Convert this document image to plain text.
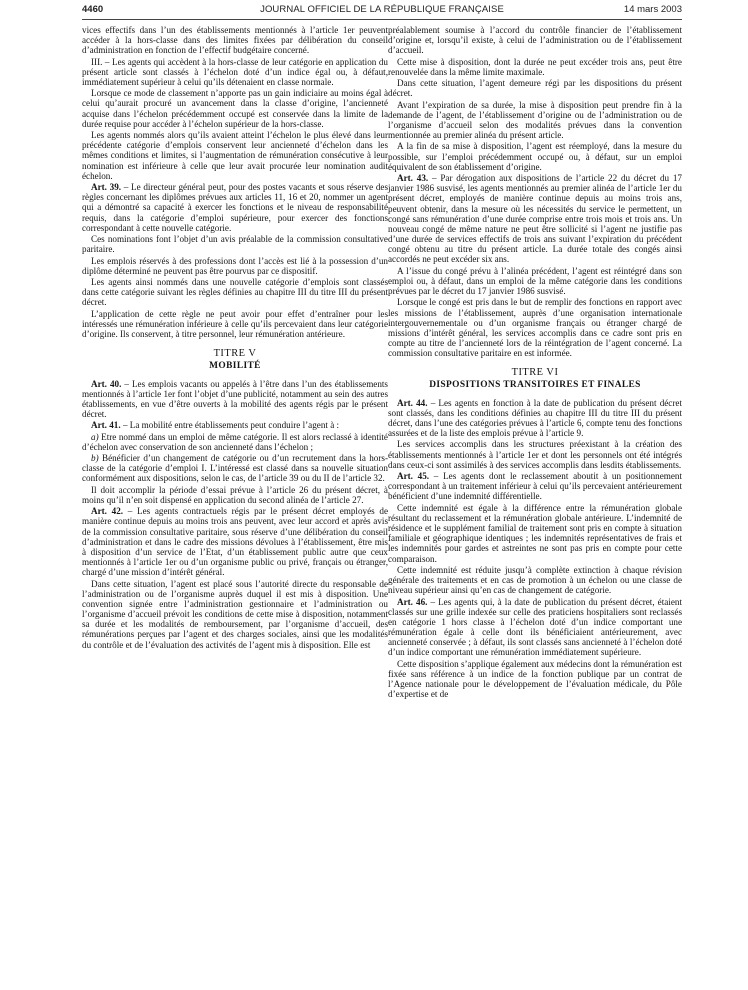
4460	JOURNAL OFFICIEL DE LA RÉPUBLIQUE FRANÇAISE	14 mars 2003

vices effectifs dans l’un des établissements mentionnés à l’article 1er peuvent accéder à la hors-classe dans des limites fixées par délibération du conseil d’administration en fonction de l’effectif budgétaire concerné.

III. – Les agents qui accèdent à la hors-classe de leur catégorie en application du présent article sont classés à l’échelon doté d’un indice égal ou, à défaut, immédiatement supérieur à celui qu’ils détenaient en classe normale.

Lorsque ce mode de classement n’apporte pas un gain indiciaire au moins égal à celui qu’aurait procuré un avancement dans la classe d’origine, l’ancienneté acquise dans l’échelon précédemment occupé est conservée dans la limite de la durée requise pour accéder à l’échelon supérieur de la hors-classe.

Les agents nommés alors qu’ils avaient atteint l’échelon le plus élevé dans leur précédente catégorie d’emplois conservent leur ancienneté d’échelon dans les mêmes conditions et limites, si l’augmentation de rémunération consécutive à leur nomination est inférieure à celle que leur avait procurée leur nomination audit échelon.

Art. 39. – Le directeur général peut, pour des postes vacants et sous réserve des règles concernant les diplômes prévues aux articles 11, 16 et 20, nommer un agent qui a démontré sa capacité à exercer les fonctions et le niveau de responsabilité requis, dans la catégorie d’emploi supérieure, pour exercer des fonctions correspondant à cette nouvelle catégorie.

Ces nominations font l’objet d’un avis préalable de la commission consultative paritaire.

Les emplois réservés à des professions dont l’accès est lié à la possession d’un diplôme déterminé ne peuvent pas être pourvus par ce dispositif.

Les agents ainsi nommés dans une nouvelle catégorie d’emplois sont classés dans cette catégorie suivant les règles définies au chapitre III du titre III du présent décret.

L’application de cette règle ne peut avoir pour effet d’entraîner pour les intéressés une rémunération inférieure à celle qu’ils percevaient dans leur catégorie d’origine. Ils conservent, à titre personnel, leur rémunération antérieure.

TITRE V

MOBILITÉ

Art. 40. – Les emplois vacants ou appelés à l’être dans l’un des établissements mentionnés à l’article 1er font l’objet d’une publicité, notamment au sein des autres établissements, en vue d’être ouverts à la mobilité des agents régis par le présent décret.

Art. 41. – La mobilité entre établissements peut conduire l’agent à :

a) Etre nommé dans un emploi de même catégorie. Il est alors reclassé à identité d’échelon avec conservation de son ancienneté dans l’échelon ;

b) Bénéficier d’un changement de catégorie ou d’un recrutement dans la hors-classe de la catégorie d’emploi I. L’intéressé est classé dans sa nouvelle situation conformément aux dispositions, selon le cas, de l’article 39 ou du II de l’article 32.

Il doit accomplir la période d’essai prévue à l’article 26 du présent décret, à moins qu’il n’en soit dispensé en application du second alinéa de l’article 27.

Art. 42. – Les agents contractuels régis par le présent décret employés de manière continue depuis au moins trois ans peuvent, avec leur accord et après avis de la commission consultative paritaire, sous réserve d’une délibération du conseil d’administration et dans le cadre des missions dévolues à l’établissement, être mis à disposition d’un service de l’Etat, d’un établissement public autre que ceux mentionnés à l’article 1er ou d’un organisme public ou privé, français ou étranger, chargé d’une mission d’intérêt général.

Dans cette situation, l’agent est placé sous l’autorité directe du responsable de l’administration ou de l’organisme auprès duquel il est mis à disposition. Une convention signée entre l’administration gestionnaire et l’administration ou l’organisme d’accueil prévoit les conditions de cette mise à disposition, notamment sa durée et les modalités de remboursement, par l’organisme d’accueil, des rémunérations perçues par l’agent et des charges sociales, ainsi que les modalités du contrôle et de l’évaluation des activités de l’agent mis à disposition. Elle est

préalablement soumise à l’accord du contrôle financier de l’établissement d’origine et, lorsqu’il existe, à celui de l’administration ou de l’établissement d’accueil.

Cette mise à disposition, dont la durée ne peut excéder trois ans, peut être renouvelée dans la même limite maximale.

Dans cette situation, l’agent demeure régi par les dispositions du présent décret.

Avant l’expiration de sa durée, la mise à disposition peut prendre fin à la demande de l’agent, de l’établissement d’origine ou de l’administration ou de l’organisme d’accueil selon des modalités prévues dans la convention mentionnée au premier alinéa du présent article.

A la fin de sa mise à disposition, l’agent est réemployé, dans la mesure du possible, sur l’emploi précédemment occupé ou, à défaut, sur un emploi équivalent de son établissement d’origine.

Art. 43. – Par dérogation aux dispositions de l’article 22 du décret du 17 janvier 1986 susvisé, les agents mentionnés au premier alinéa de l’article 1er du présent décret, employés de manière continue depuis au moins trois ans, peuvent obtenir, dans la mesure où les nécessités du service le permettent, un congé sans rémunération d’une durée comprise entre trois mois et trois ans. Un nouveau congé de même nature ne peut être sollicité si l’agent ne justifie pas d’une durée de services effectifs de trois ans suivant l’expiration du précédent congé obtenu au titre du présent article. La durée totale des congés ainsi accordés ne peut excéder six ans.

A l’issue du congé prévu à l’alinéa précédent, l’agent est réintégré dans son emploi ou, à défaut, dans un emploi de la même catégorie dans les conditions prévues par le décret du 17 janvier 1986 susvisé.

Lorsque le congé est pris dans le but de remplir des fonctions en rapport avec les missions de l’établissement, auprès d’une organisation internationale intergouvernementale ou d’un organisme français ou étranger chargé de missions d’intérêt général, les services accomplis dans ce cadre sont pris en compte au titre de l’ancienneté lors de la réintégration de l’agent concerné. La commission consultative paritaire en est informée.

TITRE VI

DISPOSITIONS TRANSITOIRES ET FINALES

Art. 44. – Les agents en fonction à la date de publication du présent décret sont classés, dans les conditions définies au chapitre III du titre III du présent décret, dans l’une des catégories prévues à l’article 6, compte tenu des fonctions assurées et de la liste des emplois prévue à l’article 9.

Les services accomplis dans les structures préexistant à la création des établissements mentionnés à l’article 1er et dont les personnels ont été intégrés dans ceux-ci sont assimilés à des services accomplis dans lesdits établissements.

Art. 45. – Les agents dont le reclassement aboutit à un positionnement correspondant à un traitement inférieur à celui qu’ils percevaient antérieurement bénéficient d’une indemnité différentielle.

Cette indemnité est égale à la différence entre la rémunération globale résultant du reclassement et la rémunération globale antérieure. L’indemnité de résidence et le supplément familial de traitement sont pris en compte à situation familiale et géographique identiques ; les indemnités représentatives de frais et les indemnités pour gardes et astreintes ne sont pas pris en compte pour cette comparaison.

Cette indemnité est réduite jusqu’à complète extinction à chaque révision générale des traitements et en cas de promotion à un échelon ou une classe de niveau supérieur ainsi qu’en cas de changement de catégorie.

Art. 46. – Les agents qui, à la date de publication du présent décret, étaient classés sur une grille indexée sur celle des praticiens hospitaliers sont reclassés en catégorie 1 hors classe à l’échelon doté d’un indice comportant une rémunération égale à celle dont ils bénéficiaient antérieurement, avec ancienneté conservée ; à défaut, ils sont classés sans ancienneté à l’échelon doté d’un indice comportant une rémunération immédiatement supérieure.

Cette disposition s’applique également aux médecins dont la rémunération est fixée sans référence à un indice de la fonction publique par un contrat de l’Agence nationale pour le développement de l’évaluation médicale, du Pôle d’expertise et de
